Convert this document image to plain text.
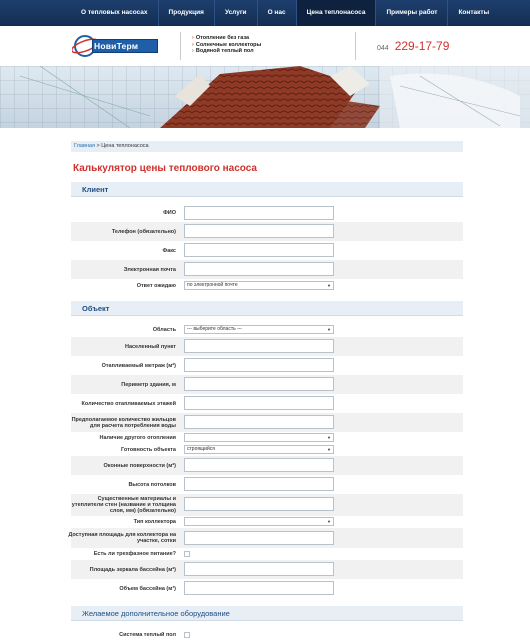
О тепловых насосах	Продукция	Услуги	О нас	Цена теплонасоса	Примеры работ	Контакты
НовиТерм
› Отопление без газа
› Солнечные коллекторы
› Водяной теплый пол	044 229-17-79
Главная > Цена теплонасоса
Калькулятор цены теплового насоса
Клиент
ФИО
Телефон (обязательно)
Факс
Электронная почта
Ответ ожидаю	по электронной почте	▼
Объект
Область	--- выберите область ---	▼
Населенный пункт
Отапливаемый метраж (м²)
Периметр здания, м
Количество отапливаемых этажей
Предполагаемое количество жильцов для расчета потребления воды
Наличие другого отопления	▼
Готовность объекта	строящийся	▼
Оконные поверхности (м²)
Высота потолков
Существенные материалы и утеплители стен (название и толщина слоя, мм) (обязательно)
Тип коллектора	▼
Доступная площадь для коллектора на участке, сотки
Есть ли трехфазное питание?
Площадь зеркала бассейна (м²)
Объем бассейна (м³)
Желаемое дополнительное оборудование
Система теплый пол
